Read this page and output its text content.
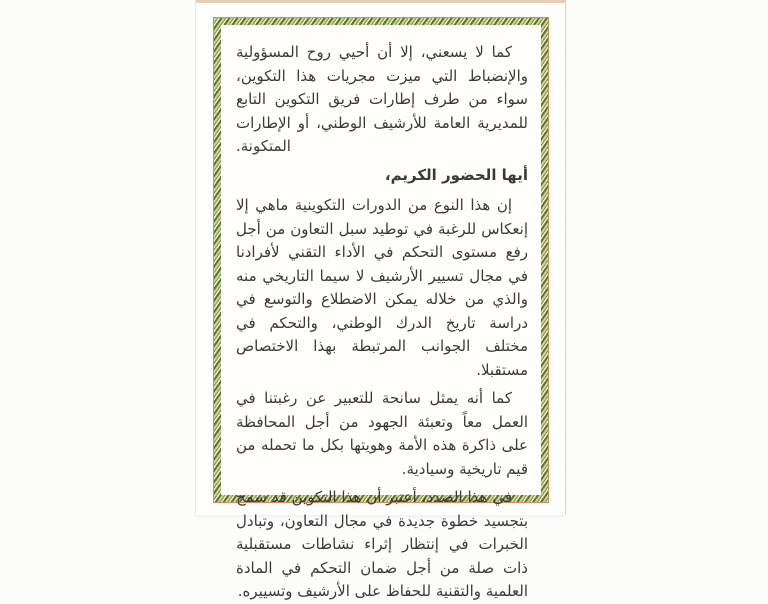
كما لا يسعني، إلا أن أحيي روح المسؤولية والإنضباط التي ميزت مجريات هذا التكوين، سواء من طرف إطارات فريق التكوين التابع للمديرية العامة للأرشيف الوطني، أو الإطارات المتكونة.

أيها الحضور الكريم،

إن هذا النوع من الدورات التكوينية ماهي إلا إنعكاس للرغبة في توطيد سبل التعاون من أجل رفع مستوى التحكم في الأداء التقني لأفرادنا في مجال تسيير الأرشيف لا سيما التاريخي منه والذي من خلاله يمكن الاضطلاع والتوسع في دراسة تاريخ الدرك الوطني، والتحكم في مختلف الجوانب المرتبطة بهذا الاختصاص مستقبلا.

كما أنه يمثل سانحة للتعبير عن رغبتنا في العمل معاً وتعبئة الجهود من أجل المحافظة على ذاكرة هذه الأمة وهويتها بكل ما تحمله من قيم تاريخية وسيادية.

في هذا الصدد، أعتبر أن هذا التكوين قد سمح بتجسيد خطوة جديدة في مجال التعاون، وتبادل الخبرات في إنتظار إثراء نشاطات مستقبلية ذات صلة من أجل ضمان التحكم في المادة العلمية والتقنية للحفاظ على الأرشيف وتسييره.
